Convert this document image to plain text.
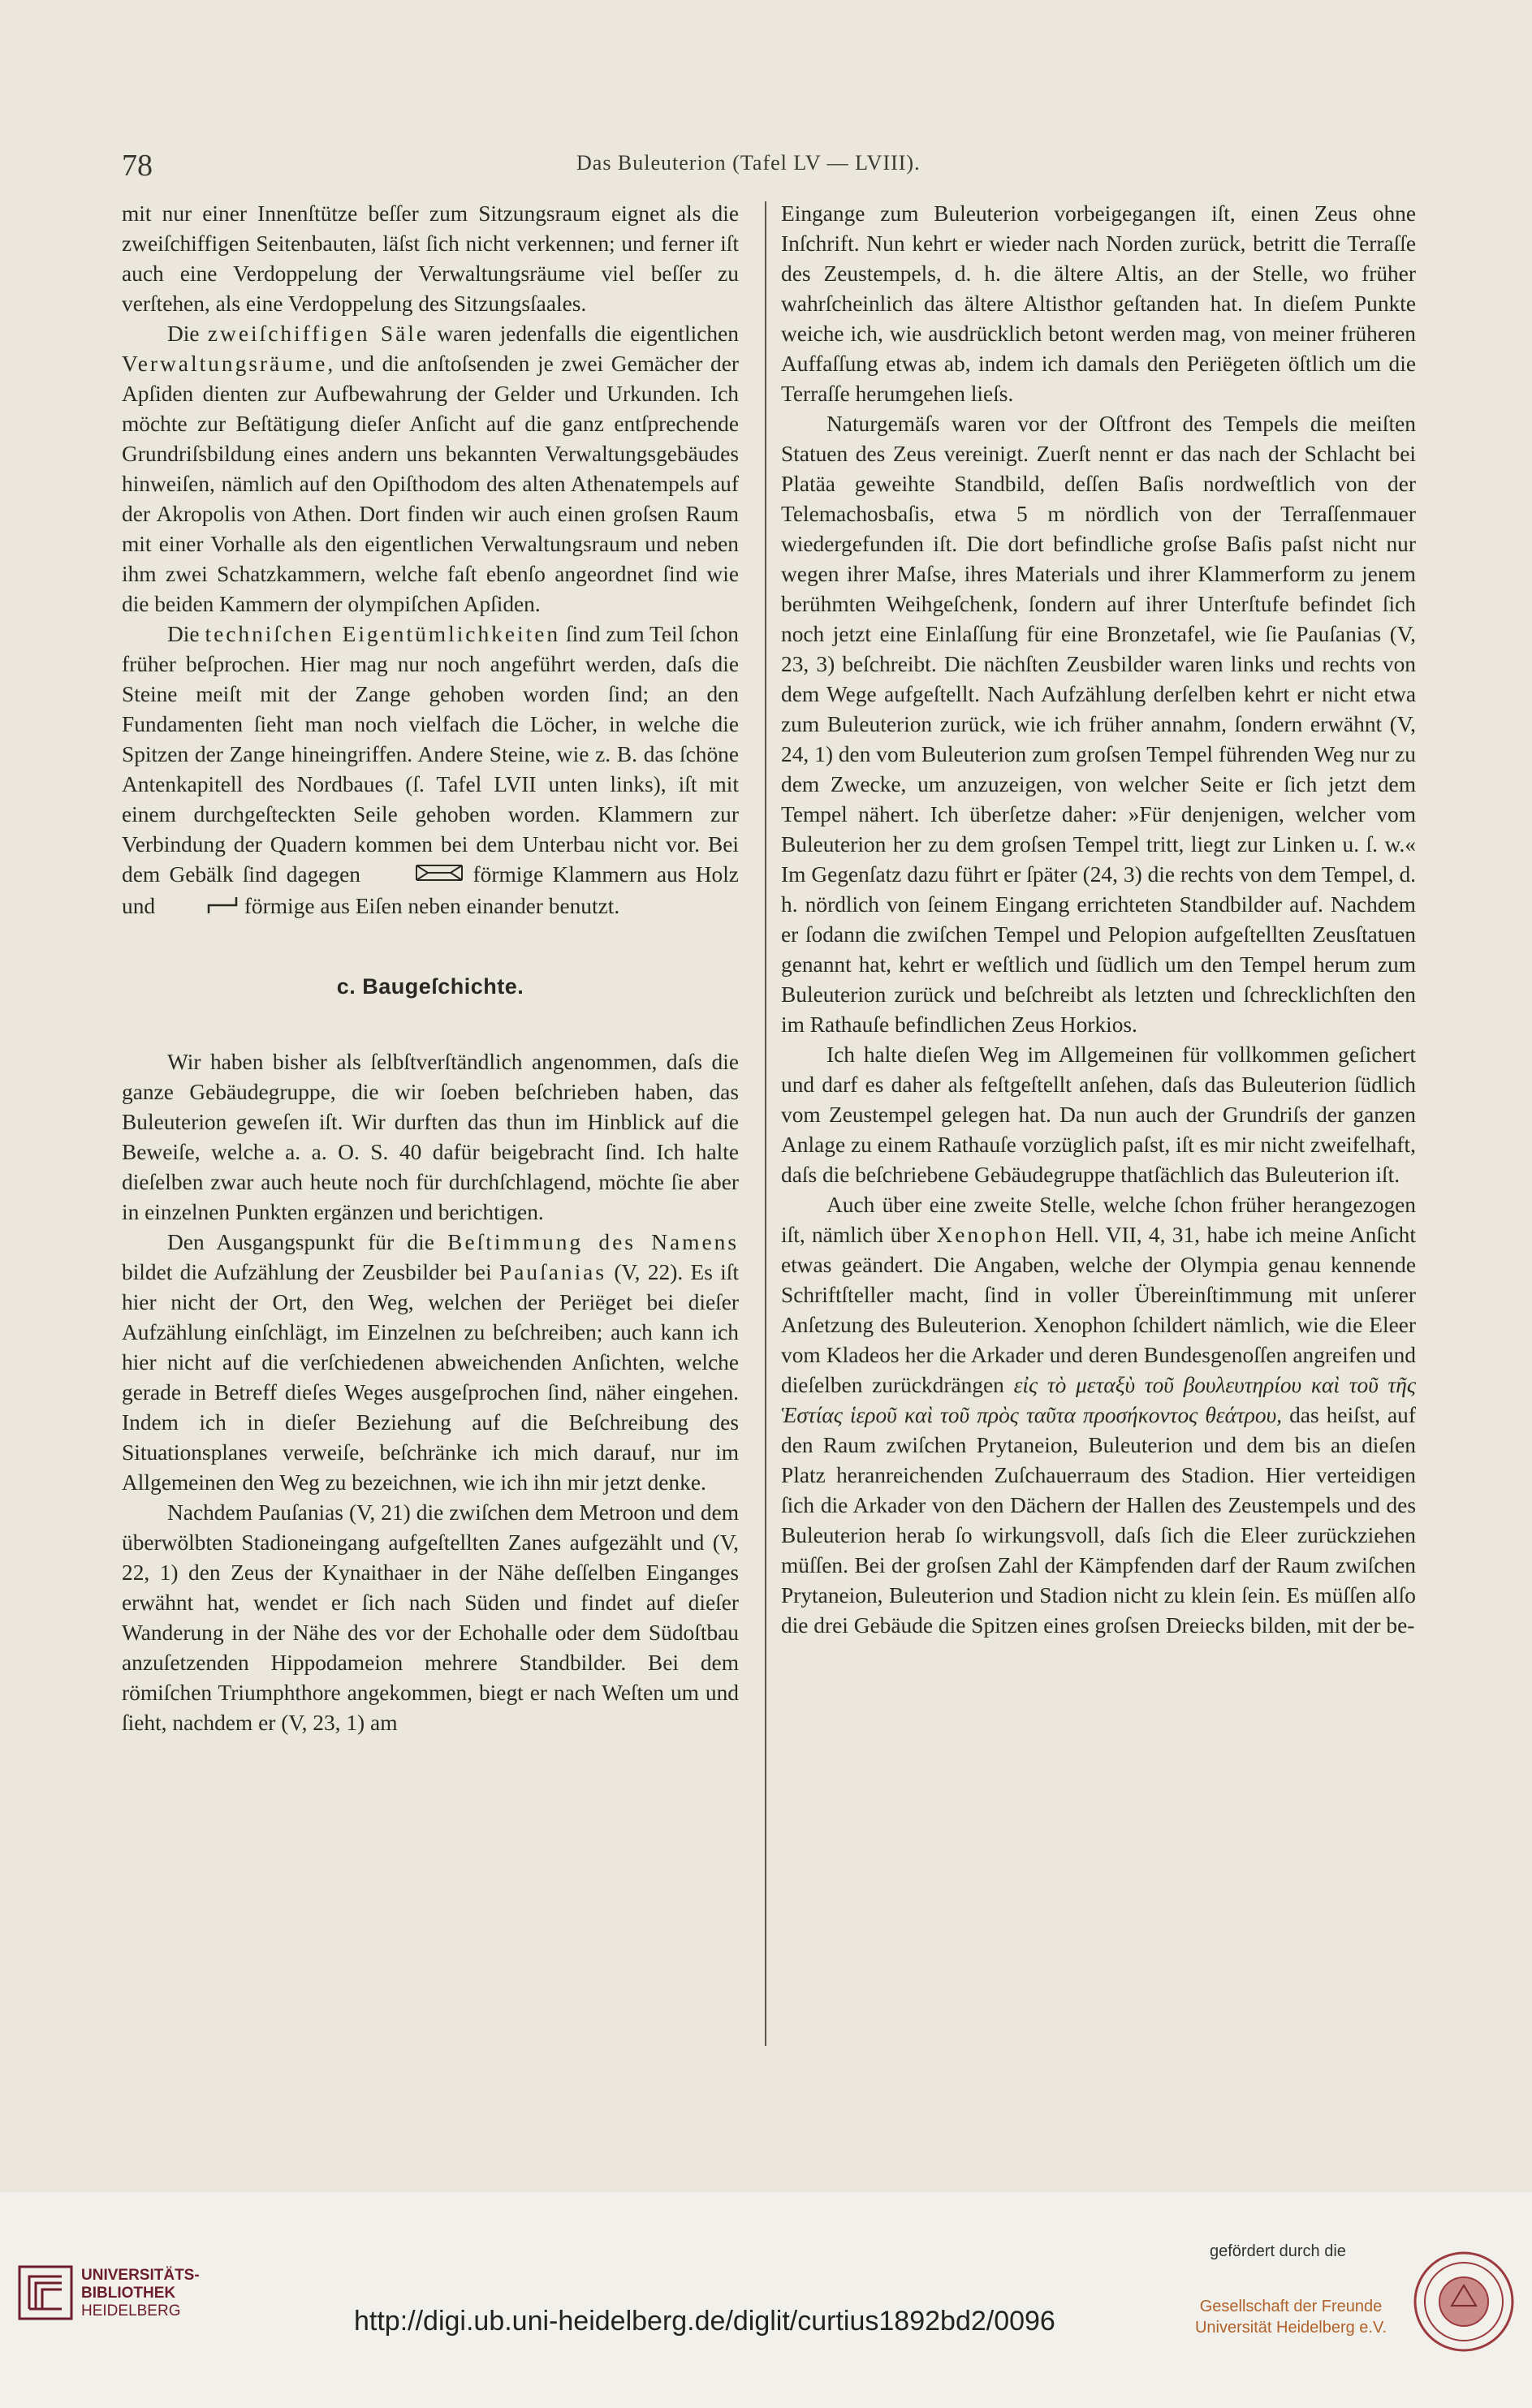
78	Das Buleuterion (Tafel LV — LVIII).

mit nur einer Innenſtütze beſſer zum Sitzungsraum eignet als die zweiſchiffigen Seitenbauten, läſst ſich nicht verkennen; und ferner iſt auch eine Verdoppelung der Verwaltungsräume viel beſſer zu verſtehen, als eine Verdoppelung des Sitzungsſaales.

Die zweiſchiffigen Säle waren jedenfalls die eigentlichen Verwaltungsräume, und die anſtoſsenden je zwei Gemächer der Apſiden dienten zur Aufbewahrung der Gelder und Urkunden. Ich möchte zur Beſtätigung dieſer Anſicht auf die ganz entſprechende Grundriſsbildung eines andern uns bekannten Verwaltungsgebäudes hinweiſen, nämlich auf den Opiſthodom des alten Athenatempels auf der Akropolis von Athen. Dort finden wir auch einen groſsen Raum mit einer Vorhalle als den eigentlichen Verwaltungsraum und neben ihm zwei Schatzkammern, welche faſt ebenſo angeordnet ſind wie die beiden Kammern der olympiſchen Apſiden.

Die techniſchen Eigentümlichkeiten ſind zum Teil ſchon früher beſprochen. Hier mag nur noch angeführt werden, daſs die Steine meiſt mit der Zange gehoben worden ſind; an den Fundamenten ſieht man noch vielfach die Löcher, in welche die Spitzen der Zange hineingriffen. Andere Steine, wie z. B. das ſchöne Antenkapitell des Nordbaues (ſ. Tafel LVII unten links), iſt mit einem durchgeſteckten Seile gehoben worden. Klammern zur Verbindung der Quadern kommen bei dem Unterbau nicht vor. Bei dem Gebälk ſind dagegen	förmige Klammern aus Holz und	förmige aus Eiſen neben einander benutzt.

c. Baugeſchichte.

Wir haben bisher als ſelbſtverſtändlich angenommen, daſs die ganze Gebäudegruppe, die wir ſoeben beſchrieben haben, das Buleuterion geweſen iſt. Wir durften das thun im Hinblick auf die Beweiſe, welche a. a. O. S. 40 dafür beigebracht ſind. Ich halte dieſelben zwar auch heute noch für durchſchlagend, möchte ſie aber in einzelnen Punkten ergänzen und berichtigen.

Den Ausgangspunkt für die Beſtimmung des Namens bildet die Aufzählung der Zeusbilder bei Pauſanias (V, 22). Es iſt hier nicht der Ort, den Weg, welchen der Periëget bei dieſer Aufzählung einſchlägt, im Einzelnen zu beſchreiben; auch kann ich hier nicht auf die verſchiedenen abweichenden Anſichten, welche gerade in Betreff dieſes Weges ausgeſprochen ſind, näher eingehen. Indem ich in dieſer Beziehung auf die Beſchreibung des Situationsplanes verweiſe, beſchränke ich mich darauf, nur im Allgemeinen den Weg zu bezeichnen, wie ich ihn mir jetzt denke.

Nachdem Pauſanias (V, 21) die zwiſchen dem Metroon und dem überwölbten Stadioneingang aufgeſtellten Zanes aufgezählt und (V, 22, 1) den Zeus der Kynaithaer in der Nähe deſſelben Einganges erwähnt hat, wendet er ſich nach Süden und findet auf dieſer Wanderung in der Nähe des vor der Echohalle oder dem Südoſtbau anzuſetzenden Hippodameion mehrere Standbilder. Bei dem römiſchen Triumphthore angekommen, biegt er nach Weſten um und ſieht, nachdem er (V, 23, 1) am

Eingange zum Buleuterion vorbeigegangen iſt, einen Zeus ohne Inſchrift. Nun kehrt er wieder nach Norden zurück, betritt die Terraſſe des Zeustempels, d. h. die ältere Altis, an der Stelle, wo früher wahrſcheinlich das ältere Altisthor geſtanden hat. In dieſem Punkte weiche ich, wie ausdrücklich betont werden mag, von meiner früheren Auffaſſung etwas ab, indem ich damals den Periëgeten öſtlich um die Terraſſe herumgehen lieſs.

Naturgemäſs waren vor der Oſtfront des Tempels die meiſten Statuen des Zeus vereinigt. Zuerſt nennt er das nach der Schlacht bei Platäa geweihte Standbild, deſſen Baſis nordweſtlich von der Telemachosbaſis, etwa 5 m nördlich von der Terraſſenmauer wiedergefunden iſt. Die dort befindliche groſse Baſis paſst nicht nur wegen ihrer Maſse, ihres Materials und ihrer Klammerform zu jenem berühmten Weihgeſchenk, ſondern auf ihrer Unterſtufe befindet ſich noch jetzt eine Einlaſſung für eine Bronzetafel, wie ſie Pauſanias (V, 23, 3) beſchreibt. Die nächſten Zeusbilder waren links und rechts von dem Wege aufgeſtellt. Nach Aufzählung derſelben kehrt er nicht etwa zum Buleuterion zurück, wie ich früher annahm, ſondern erwähnt (V, 24, 1) den vom Buleuterion zum groſsen Tempel führenden Weg nur zu dem Zwecke, um anzuzeigen, von welcher Seite er ſich jetzt dem Tempel nähert. Ich überſetze daher: »Für denjenigen, welcher vom Buleuterion her zu dem groſsen Tempel tritt, liegt zur Linken u. ſ. w.« Im Gegenſatz dazu führt er ſpäter (24, 3) die rechts von dem Tempel, d. h. nördlich von ſeinem Eingang errichteten Standbilder auf. Nachdem er ſodann die zwiſchen Tempel und Pelopion aufgeſtellten Zeusſtatuen genannt hat, kehrt er weſtlich und ſüdlich um den Tempel herum zum Buleuterion zurück und beſchreibt als letzten und ſchrecklichſten den im Rathauſe befindlichen Zeus Horkios.

Ich halte dieſen Weg im Allgemeinen für vollkommen geſichert und darf es daher als feſtgeſtellt anſehen, daſs das Buleuterion ſüdlich vom Zeustempel gelegen hat. Da nun auch der Grundriſs der ganzen Anlage zu einem Rathauſe vorzüglich paſst, iſt es mir nicht zweifelhaft, daſs die beſchriebene Gebäudegruppe thatſächlich das Buleuterion iſt.

Auch über eine zweite Stelle, welche ſchon früher herangezogen iſt, nämlich über Xenophon Hell. VII, 4, 31, habe ich meine Anſicht etwas geändert. Die Angaben, welche der Olympia genau kennende Schriftſteller macht, ſind in voller Übereinſtimmung mit unſerer Anſetzung des Buleuterion. Xenophon ſchildert nämlich, wie die Eleer vom Kladeos her die Arkader und deren Bundesgenoſſen angreifen und dieſelben zurückdrängen εἰς τὸ μεταξὺ τοῦ βουλευτηρίου καὶ τοῦ τῆς Ἑστίας ἱεροῦ καὶ τοῦ πρὸς ταῦτα προσήκοντος θεάτρου, das heiſst, auf den Raum zwiſchen Prytaneion, Buleuterion und dem bis an dieſen Platz heranreichenden Zuſchauerraum des Stadion. Hier verteidigen ſich die Arkader von den Dächern der Hallen des Zeustempels und des Buleuterion herab ſo wirkungsvoll, daſs ſich die Eleer zurückziehen müſſen. Bei der groſsen Zahl der Kämpfenden darf der Raum zwiſchen Prytaneion, Buleuterion und Stadion nicht zu klein ſein. Es müſſen alſo die drei Gebäude die Spitzen eines groſsen Dreiecks bilden, mit der be-

UNIVERSITÄTS-
BIBLIOTHEK
HEIDELBERG	http://digi.ub.uni-heidelberg.de/diglit/curtius1892bd2/0096
gefördert durch die
Gesellschaft der Freunde
Universität Heidelberg e.V.
